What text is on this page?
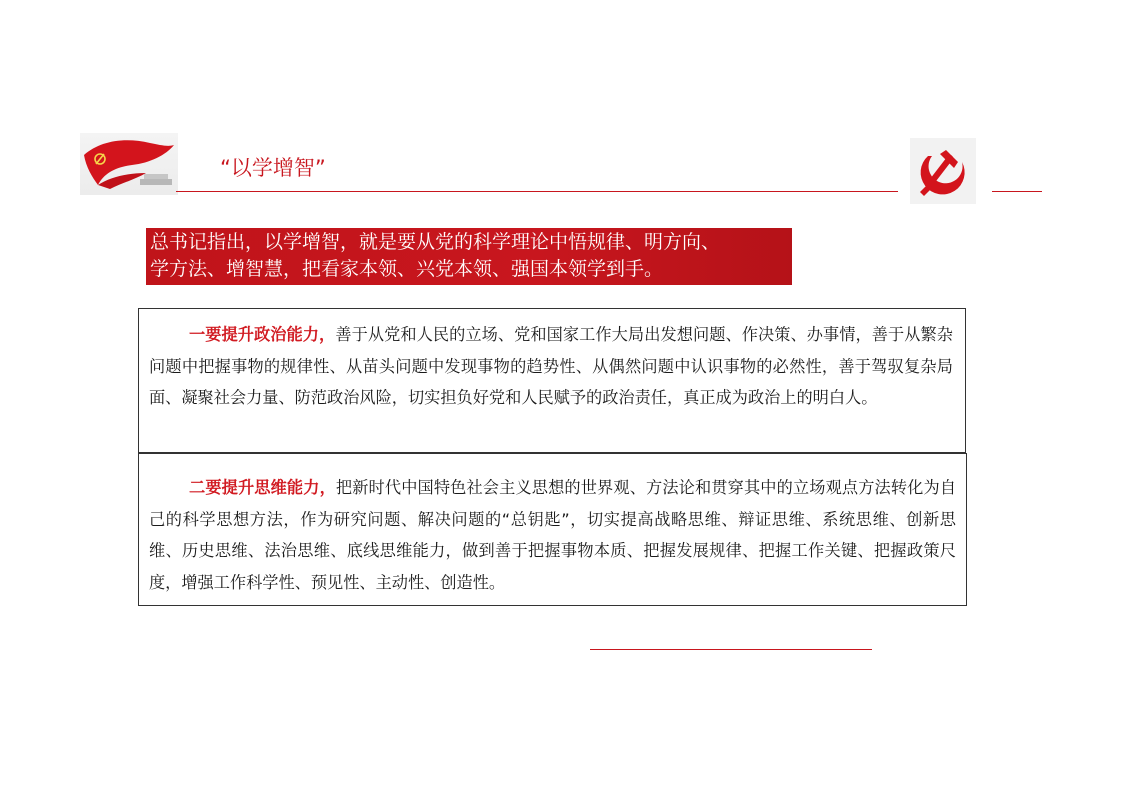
“以学增智”
总书记指出，以学增智，就是要从党的科学理论中悟规律、明方向、
学方法、增智慧，把看家本领、兴党本领、强国本领学到手。

一要提升政治能力，善于从党和人民的立场、党和国家工作大局出发想问题、作决策、办事情，善于从繁杂问题中把握事物的规律性、从苗头问题中发现事物的趋势性、从偶然问题中认识事物的必然性，善于驾驭复杂局面、凝聚社会力量、防范政治风险，切实担负好党和人民赋予的政治责任，真正成为政治上的明白人。

二要提升思维能力，把新时代中国特色社会主义思想的世界观、方法论和贯穿其中的立场观点方法转化为自己的科学思想方法，作为研究问题、解决问题的“总钥匙”，切实提高战略思维、辩证思维、系统思维、创新思维、历史思维、法治思维、底线思维能力，做到善于把握事物本质、把握发展规律、把握工作关键、把握政策尺度，增强工作科学性、预见性、主动性、创造性。
